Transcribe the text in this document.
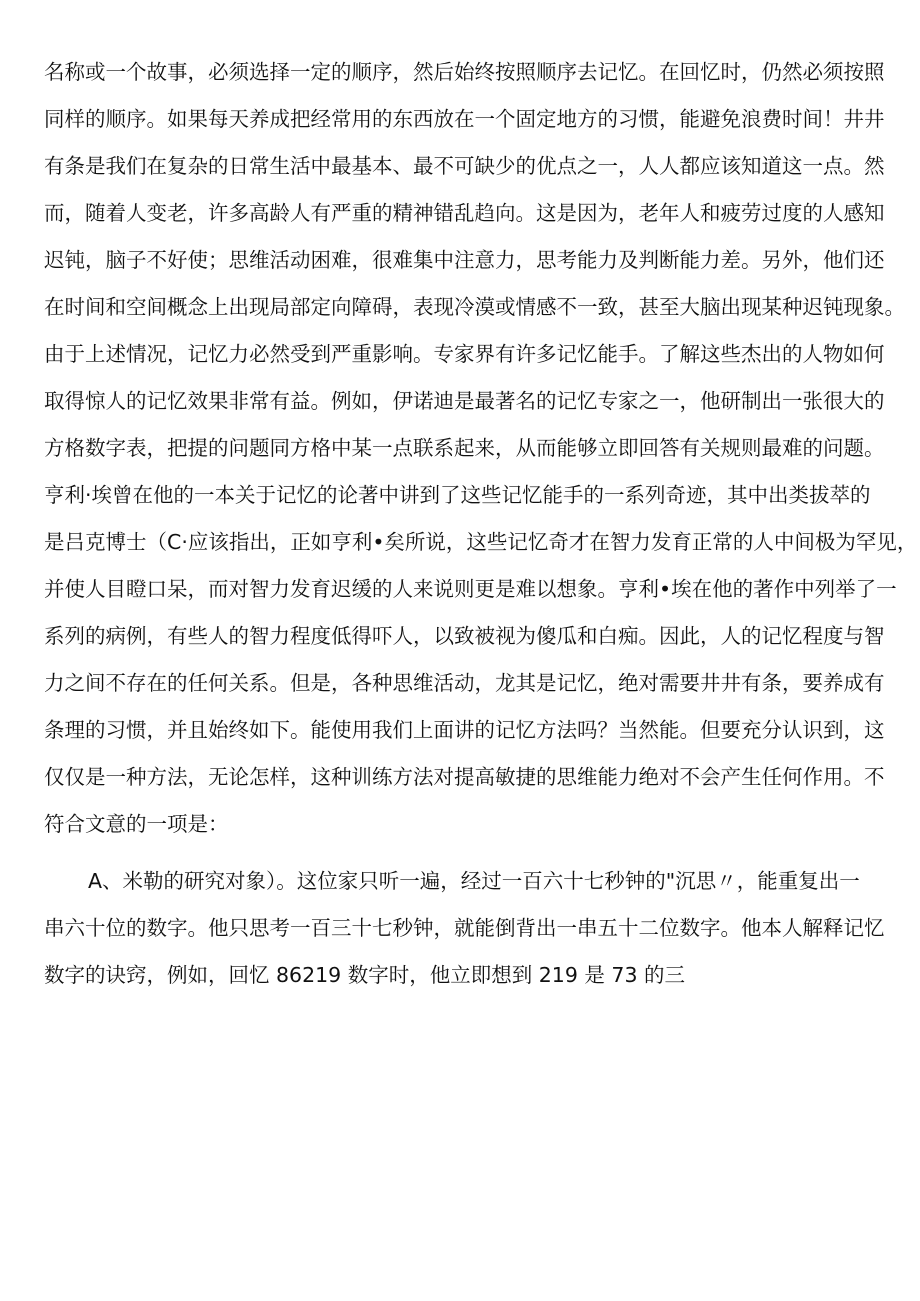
名称或一个故事，必须选择一定的顺序，然后始终按照顺序去记忆。在回忆时，仍然必须按照
同样的顺序。如果每天养成把经常用的东西放在一个固定地方的习惯，能避免浪费时间！井井
有条是我们在复杂的日常生活中最基本、最不可缺少的优点之一，人人都应该知道这一点。然
而，随着人变老，许多高龄人有严重的精神错乱趋向。这是因为，老年人和疲劳过度的人感知
迟钝，脑子不好使；思维活动困难，很难集中注意力，思考能力及判断能力差。另外，他们还
在时间和空间概念上出现局部定向障碍，表现冷漠或情感不一致，甚至大脑出现某种迟钝现象。
由于上述情况，记忆力必然受到严重影响。专家界有许多记忆能手。了解这些杰出的人物如何
取得惊人的记忆效果非常有益。例如，伊诺迪是最著名的记忆专家之一，他研制出一张很大的
方格数字表，把提的问题同方格中某一点联系起来，从而能够立即回答有关规则最难的问题。
亨利·埃曾在他的一本关于记忆的论著中讲到了这些记忆能手的一系列奇迹，其中出类拔萃的
是吕克博士（C·应该指出，正如亨利•矣所说，这些记忆奇才在智力发育正常的人中间极为罕见，
并使人目瞪口呆，而对智力发育迟缓的人来说则更是难以想象。亨利•埃在他的著作中列举了一
系列的病例，有些人的智力程度低得吓人，以致被视为傻瓜和白痴。因此，人的记忆程度与智
力之间不存在的任何关系。但是，各种思维活动，龙其是记忆，绝对需要井井有条，要养成有
条理的习惯，并且始终如下。能使用我们上面讲的记忆方法吗？当然能。但要充分认识到，这
仅仅是一种方法，无论怎样，这种训练方法对提高敏捷的思维能力绝对不会产生任何作用。不
符合文意的一项是：
A、米勒的研究对象）。这位家只听一遍，经过一百六十七秒钟的"沉思〃，能重复出一
串六十位的数字。他只思考一百三十七秒钟，就能倒背出一串五十二位数字。他本人解释记忆
数字的诀窍，例如，回忆 86219 数字时，他立即想到 219 是 73 的三
